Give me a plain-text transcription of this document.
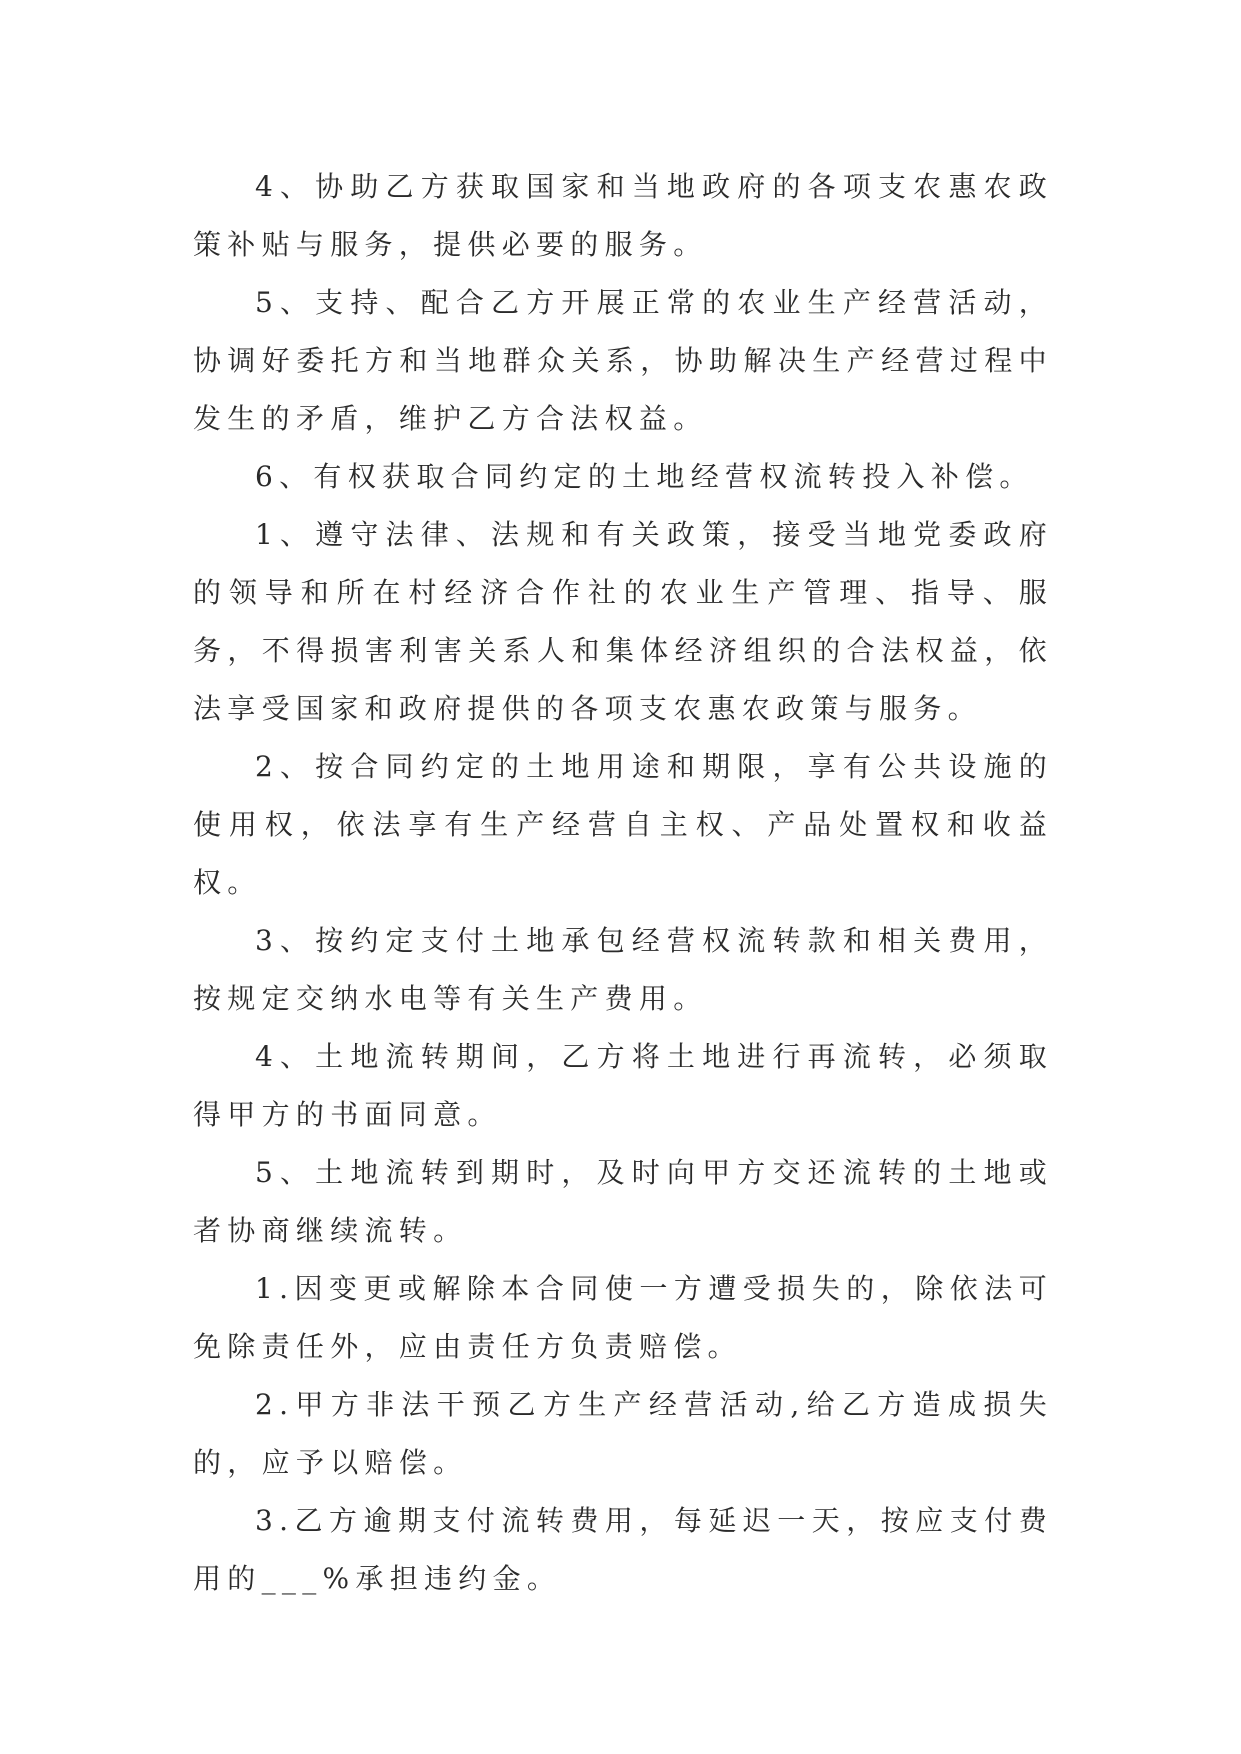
4、协助乙方获取国家和当地政府的各项支农惠农政策补贴与服务，提供必要的服务。

5、支持、配合乙方开展正常的农业生产经营活动，协调好委托方和当地群众关系，协助解决生产经营过程中发生的矛盾，维护乙方合法权益。

6、有权获取合同约定的土地经营权流转投入补偿。

1、遵守法律、法规和有关政策，接受当地党委政府的领导和所在村经济合作社的农业生产管理、指导、服务，不得损害利害关系人和集体经济组织的合法权益，依法享受国家和政府提供的各项支农惠农政策与服务。

2、按合同约定的土地用途和期限，享有公共设施的使用权，依法享有生产经营自主权、产品处置权和收益权。

3、按约定支付土地承包经营权流转款和相关费用，按规定交纳水电等有关生产费用。

4、土地流转期间，乙方将土地进行再流转，必须取得甲方的书面同意。

5、土地流转到期时，及时向甲方交还流转的土地或者协商继续流转。

1.因变更或解除本合同使一方遭受损失的，除依法可免除责任外，应由责任方负责赔偿。

2.甲方非法干预乙方生产经营活动,给乙方造成损失的，应予以赔偿。

3.乙方逾期支付流转费用，每延迟一天，按应支付费用的___%承担违约金。
